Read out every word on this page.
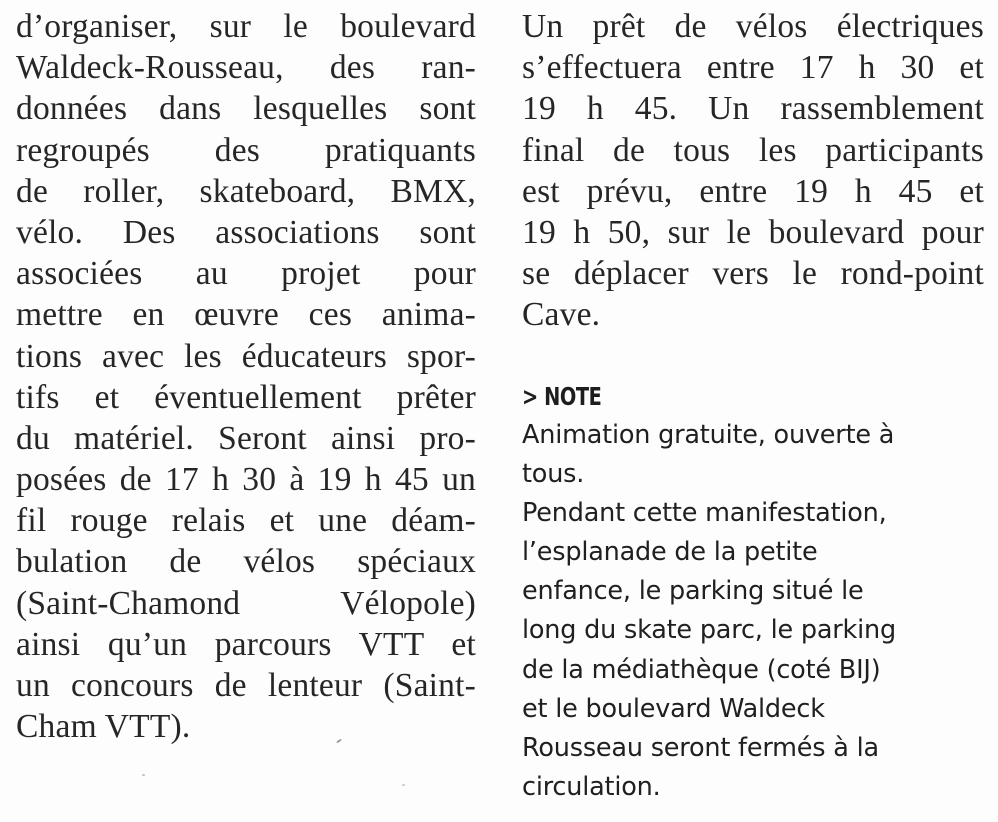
d’organiser, sur le boulevard
Waldeck-Rousseau, des ran-
données dans lesquelles sont
regroupés des pratiquants
de roller, skateboard, BMX,
vélo. Des associations sont
associées au projet pour
mettre en œuvre ces anima-
tions avec les éducateurs spor-
tifs et éventuellement prêter
du matériel. Seront ainsi pro-
posées de 17 h 30 à 19 h 45 un
fil rouge relais et une déam-
bulation de vélos spéciaux
(Saint-Chamond Vélopole)
ainsi qu’un parcours VTT et
un concours de lenteur (Saint-
Cham VTT).
Un prêt de vélos électriques
s’effectuera entre 17 h 30 et
19 h 45. Un rassemblement
final de tous les participants
est prévu, entre 19 h 45 et
19 h 50, sur le boulevard pour
se déplacer vers le rond-point
Cave.
> NOTE
Animation gratuite, ouverte à
tous.
Pendant cette manifestation,
l’esplanade de la petite
enfance, le parking situé le
long du skate parc, le parking
de la médiathèque (coté BIJ)
et le boulevard Waldeck
Rousseau seront fermés à la
circulation.
